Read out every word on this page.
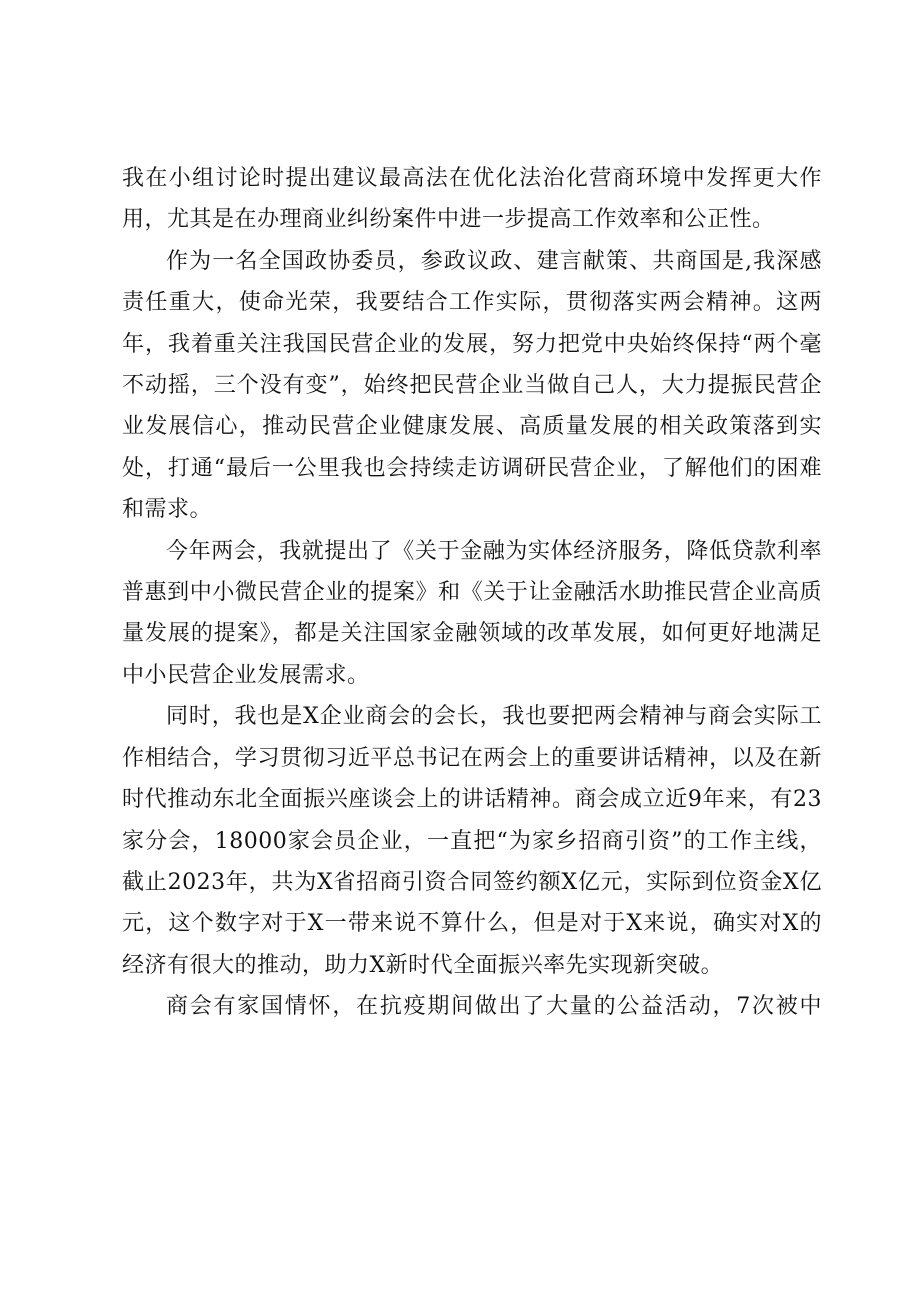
我在小组讨论时提出建议最高法在优化法治化营商环境中发挥更大作用，尤其是在办理商业纠纷案件中进一步提高工作效率和公正性。

作为一名全国政协委员，参政议政、建言献策、共商国是,我深感责任重大，使命光荣，我要结合工作实际，贯彻落实两会精神。这两年，我着重关注我国民营企业的发展，努力把党中央始终保持“两个毫不动摇，三个没有变”，始终把民营企业当做自己人，大力提振民营企业发展信心，推动民营企业健康发展、高质量发展的相关政策落到实处，打通“最后一公里我也会持续走访调研民营企业，了解他们的困难和需求。

今年两会，我就提出了《关于金融为实体经济服务，降低贷款利率普惠到中小微民营企业的提案》和《关于让金融活水助推民营企业高质量发展的提案》，都是关注国家金融领域的改革发展，如何更好地满足中小民营企业发展需求。

同时，我也是X企业商会的会长，我也要把两会精神与商会实际工作相结合，学习贯彻习近平总书记在两会上的重要讲话精神，以及在新时代推动东北全面振兴座谈会上的讲话精神。商会成立近9年来，有23家分会，18000家会员企业，一直把“为家乡招商引资”的工作主线，截止2023年，共为X省招商引资合同签约额X亿元，实际到位资金X亿元，这个数字对于X一带来说不算什么，但是对于X来说，确实对X的经济有很大的推动，助力X新时代全面振兴率先实现新突破。

商会有家国情怀，在抗疫期间做出了大量的公益活动，7次被中
